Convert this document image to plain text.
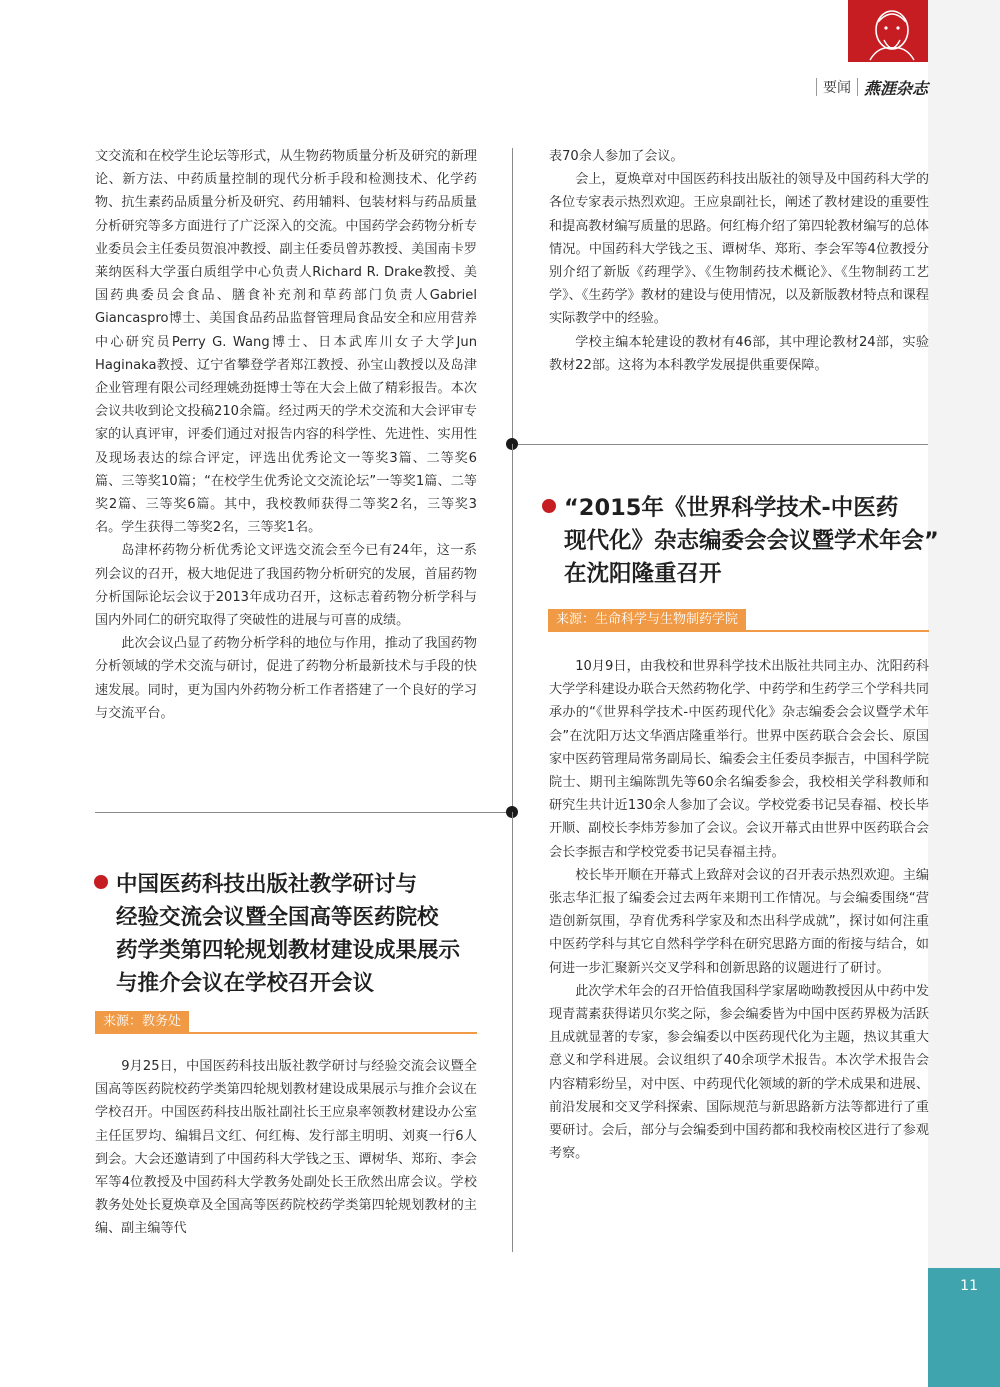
11
要闻 燕涯杂志

文交流和在校学生论坛等形式，从生物药物质量分析及研究的新理论、新方法、中药质量控制的现代分析手段和检测技术、化学药物、抗生素药品质量分析及研究、药用辅料、包装材料与药品质量分析研究等多方面进行了广泛深入的交流。中国药学会药物分析专业委员会主任委员贺浪冲教授、副主任委员曾苏教授、美国南卡罗莱纳医科大学蛋白质组学中心负责人Richard R. Drake教授、美国药典委员会食品、膳食补充剂和草药部门负责人Gabriel Giancaspro博士、美国食品药品监督管理局食品安全和应用营养中心研究员Perry G. Wang博士、日本武库川女子大学Jun Haginaka教授、辽宁省攀登学者郑江教授、孙宝山教授以及岛津企业管理有限公司经理姚劲挺博士等在大会上做了精彩报告。本次会议共收到论文投稿210余篇。经过两天的学术交流和大会评审专家的认真评审，评委们通过对报告内容的科学性、先进性、实用性及现场表达的综合评定，评选出优秀论文一等奖3篇、二等奖6篇、三等奖10篇；“在校学生优秀论文交流论坛”一等奖1篇、二等奖2篇、三等奖6篇。其中，我校教师获得二等奖2名，三等奖3名。学生获得二等奖2名，三等奖1名。

岛津杯药物分析优秀论文评选交流会至今已有24年，这一系列会议的召开，极大地促进了我国药物分析研究的发展，首届药物分析国际论坛会议于2013年成功召开，这标志着药物分析学科与国内外同仁的研究取得了突破性的进展与可喜的成绩。

此次会议凸显了药物分析学科的地位与作用，推动了我国药物分析领域的学术交流与研讨，促进了药物分析最新技术与手段的快速发展。同时，更为国内外药物分析工作者搭建了一个良好的学习与交流平台。

表70余人参加了会议。

会上，夏焕章对中国医药科技出版社的领导及中国药科大学的各位专家表示热烈欢迎。王应泉副社长，阐述了教材建设的重要性和提高教材编写质量的思路。何红梅介绍了第四轮教材编写的总体情况。中国药科大学钱之玉、谭树华、郑珩、李会军等4位教授分别介绍了新版《药理学》、《生物制药技术概论》、《生物制药工艺学》、《生药学》教材的建设与使用情况，以及新版教材特点和课程实际教学中的经验。

学校主编本轮建设的教材有46部，其中理论教材24部，实验教材22部。这将为本科教学发展提供重要保障。

“2015年《世界科学技术-中医药
现代化》杂志编委会会议暨学术年会”
在沈阳隆重召开
来源：生命科学与生物制药学院

10月9日，由我校和世界科学技术出版社共同主办、沈阳药科大学学科建设办联合天然药物化学、中药学和生药学三个学科共同承办的“《世界科学技术-中医药现代化》杂志编委会会议暨学术年会”在沈阳万达文华酒店隆重举行。世界中医药联合会会长、原国家中医药管理局常务副局长、编委会主任委员李振吉，中国科学院院士、期刊主编陈凯先等60余名编委参会，我校相关学科教师和研究生共计近130余人参加了会议。学校党委书记吴春福、校长毕开顺、副校长李炜芳参加了会议。会议开幕式由世界中医药联合会会长李振吉和学校党委书记吴春福主持。

校长毕开顺在开幕式上致辞对会议的召开表示热烈欢迎。主编张志华汇报了编委会过去两年来期刊工作情况。与会编委围绕“营造创新氛围，孕育优秀科学家及和杰出科学成就”，探讨如何注重中医药学科与其它自然科学学科在研究思路方面的衔接与结合，如何进一步汇聚新兴交叉学科和创新思路的议题进行了研讨。

此次学术年会的召开恰值我国科学家屠呦呦教授因从中药中发现青蒿素获得诺贝尔奖之际，参会编委皆为中国中医药界极为活跃且成就显著的专家，参会编委以中医药现代化为主题，热议其重大意义和学科进展。会议组织了40余项学术报告。本次学术报告会内容精彩纷呈，对中医、中药现代化领域的新的学术成果和进展、前沿发展和交叉学科探索、国际规范与新思路新方法等都进行了重要研讨。会后，部分与会编委到中国药都和我校南校区进行了参观考察。

中国医药科技出版社教学研讨与
经验交流会议暨全国高等医药院校
药学类第四轮规划教材建设成果展示
与推介会议在学校召开会议
来源：教务处

9月25日，中国医药科技出版社教学研讨与经验交流会议暨全国高等医药院校药学类第四轮规划教材建设成果展示与推介会议在学校召开。中国医药科技出版社副社长王应泉率领教材建设办公室主任匡罗均、编辑吕文红、何红梅、发行部主明明、刘爽一行6人到会。大会还邀请到了中国药科大学钱之玉、谭树华、郑珩、李会军等4位教授及中国药科大学教务处副处长王欣然出席会议。学校教务处处长夏焕章及全国高等医药院校药学类第四轮规划教材的主编、副主编等代
